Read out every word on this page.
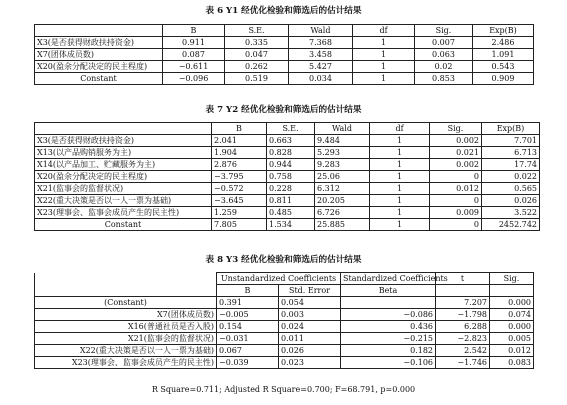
表 6 Y1 经优化检验和筛选后的估计结果
	B	S.E.	Wald	df	Sig.	Exp(B)
X3(是否获得财政扶持资金)	0.911	0.335	7.368	1	0.007	2.486
X7(团体成员数)	0.087	0.047	3.458	1	0.063	1.091
X20(盈余分配决定的民主程度)	−0.611	0.262	5.427	1	0.02	0.543
Constant	−0.096	0.519	0.034	1	0.853	0.909
表 7 Y2 经优化检验和筛选后的估计结果
	B	S.E.	Wald	df	Sig.	Exp(B)
X3(是否获得财政扶持资金)	2.041	0.663	9.484	1	0.002	7.701
X13(以产品购销服务为主)	1.904	0.828	5.293	1	0.021	6.713
X14(以产品加工、贮藏服务为主)	2.876	0.944	9.283	1	0.002	17.74
X20(盈余分配决定的民主程度)	−3.795	0.758	25.06	1	0	0.022
X21(监事会的监督状况)	−0.572	0.228	6.312	1	0.012	0.565
X22(重大决策是否以一人一票为基础)	−3.645	0.811	20.205	1	0	0.026
X23(理事会、监事会成员产生的民主性)	1.259	0.485	6.726	1	0.009	3.522
Constant	7.805	1.534	25.885	1	0	2452.742
表 8 Y3 经优化检验和筛选后的估计结果
	Unstandardized Coefficients		Standardized Coefficients	t	Sig.
	B	Std. Error	Beta		
(Constant)	0.391	0.054		7.207	0.000
X7(团体成员数)	−0.005	0.003	−0.086	−1.798	0.074
X16(普通社员是否入股)	0.154	0.024	0.436	6.288	0.000
X21(监事会的监督状况)	−0.031	0.011	−0.215	−2.823	0.005
X22(重大决策是否以一人一票为基础)	0.067	0.026	0.182	2.542	0.012
X23(理事会、监事会成员产生的民主性)	−0.039	0.023	−0.106	−1.746	0.083
R Square=0.711; Adjusted R Square=0.700; F=68.791, p=0.000
